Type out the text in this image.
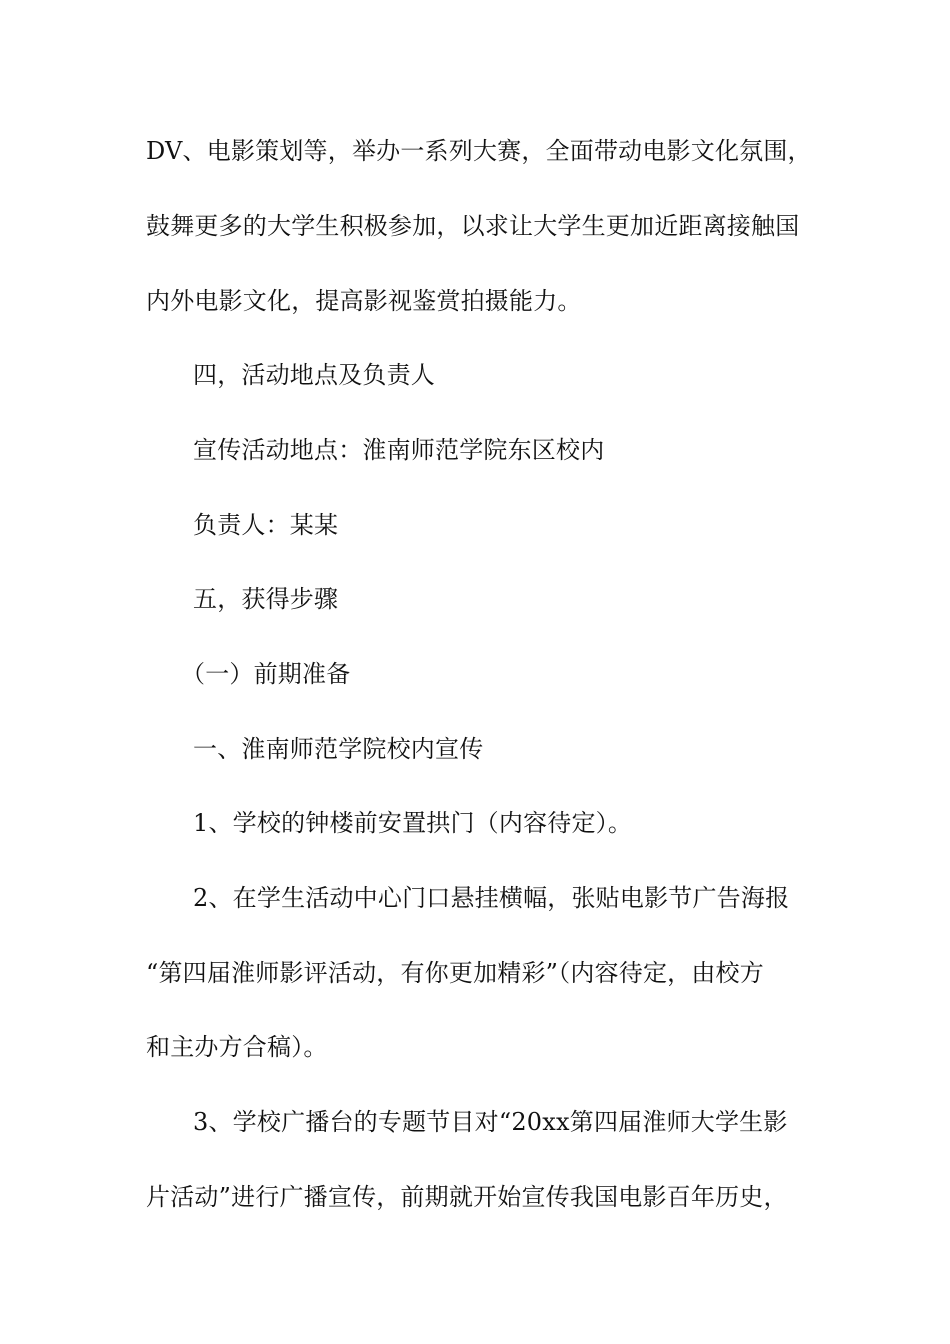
DV、电影策划等，举办一系列大赛，全面带动电影文化氛围，
鼓舞更多的大学生积极参加，以求让大学生更加近距离接触国
内外电影文化，提高影视鉴赏拍摄能力。
四，活动地点及负责人
宣传活动地点：淮南师范学院东区校内
负责人：某某
五，获得步骤
（一）前期准备
一、淮南师范学院校内宣传
1、学校的钟楼前安置拱门（内容待定）。
2、在学生活动中心门口悬挂横幅，张贴电影节广告海报
“第四届淮师影评活动，有你更加精彩”（内容待定，由校方
和主办方合稿）。
3、学校广播台的专题节目对“20xx第四届淮师大学生影
片活动”进行广播宣传，前期就开始宣传我国电影百年历史，
